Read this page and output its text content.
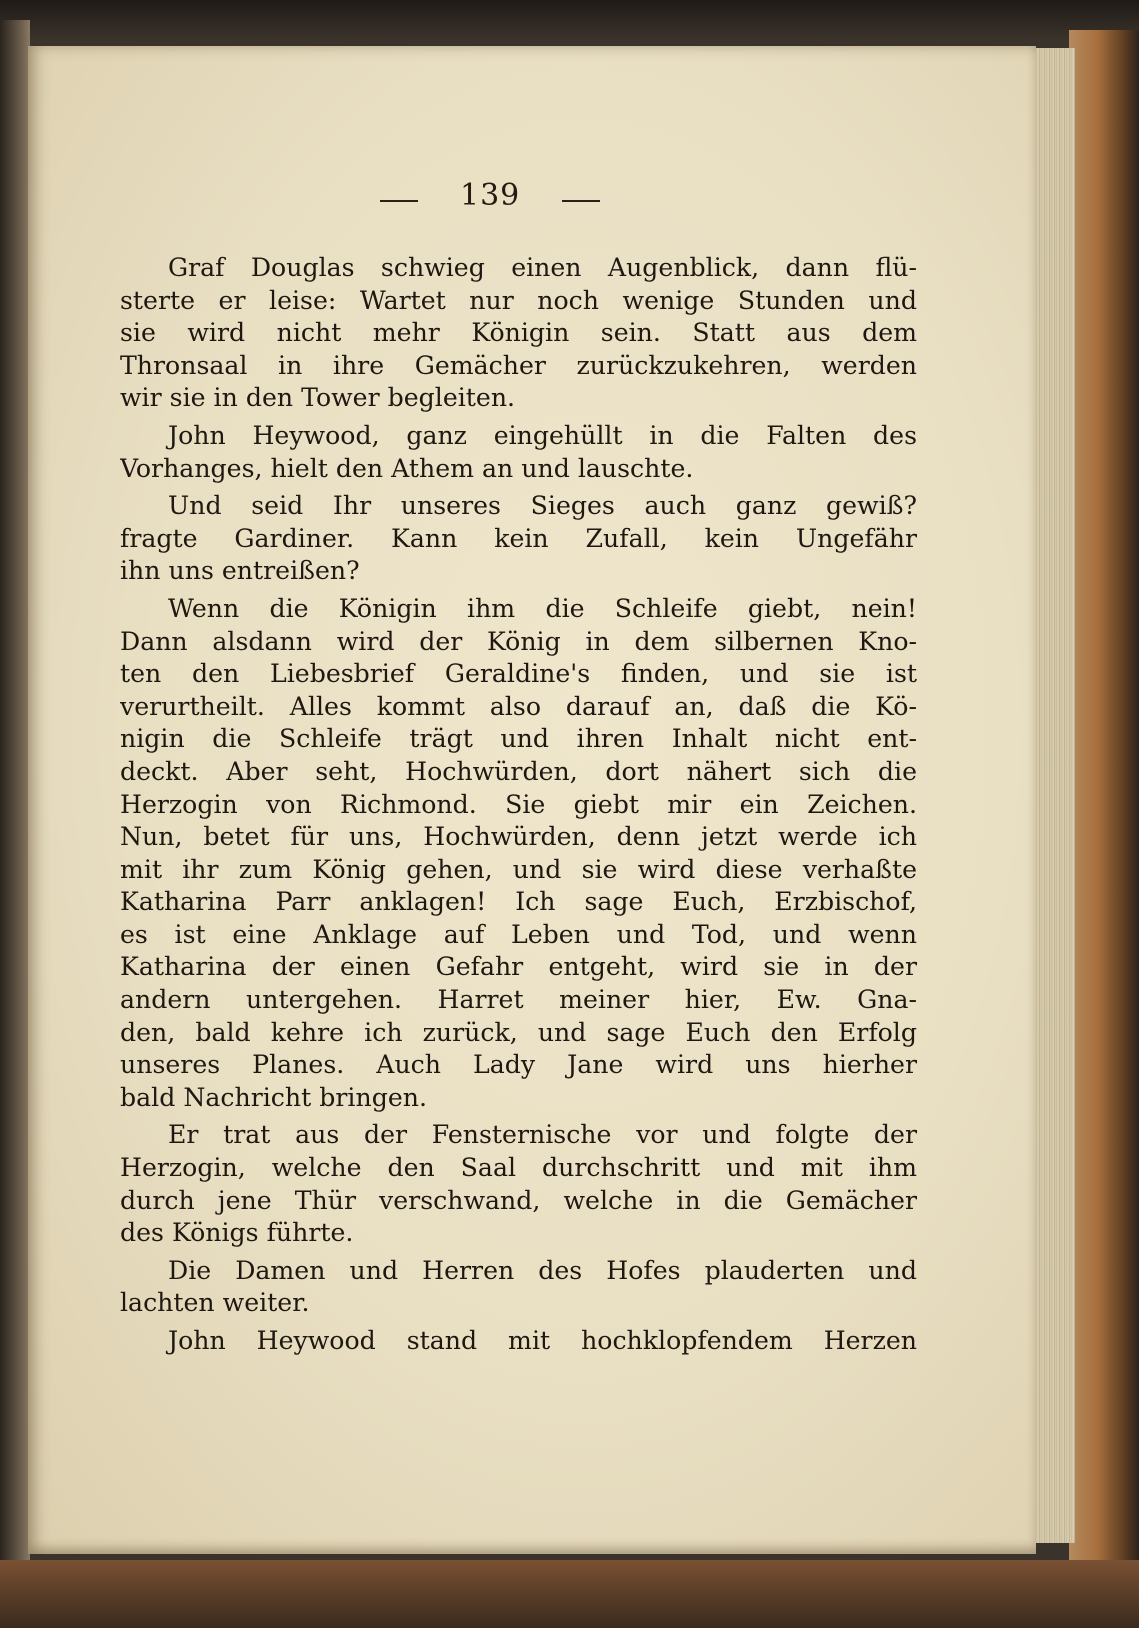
139
Graf Douglas schwieg einen Augenblick, dann flü-
sterte er leise: Wartet nur noch wenige Stunden und
sie wird nicht mehr Königin sein. Statt aus dem
Thronsaal in ihre Gemächer zurückzukehren, werden
wir sie in den Tower begleiten.
John Heywood, ganz eingehüllt in die Falten des
Vorhanges, hielt den Athem an und lauschte.
Und seid Ihr unseres Sieges auch ganz gewiß?
fragte Gardiner. Kann kein Zufall, kein Ungefähr
ihn uns entreißen?
Wenn die Königin ihm die Schleife giebt, nein!
Dann alsdann wird der König in dem silbernen Kno-
ten den Liebesbrief Geraldine's finden, und sie ist
verurtheilt. Alles kommt also darauf an, daß die Kö-
nigin die Schleife trägt und ihren Inhalt nicht ent-
deckt. Aber seht, Hochwürden, dort nähert sich die
Herzogin von Richmond. Sie giebt mir ein Zeichen.
Nun, betet für uns, Hochwürden, denn jetzt werde ich
mit ihr zum König gehen, und sie wird diese verhaßte
Katharina Parr anklagen! Ich sage Euch, Erzbischof,
es ist eine Anklage auf Leben und Tod, und wenn
Katharina der einen Gefahr entgeht, wird sie in der
andern untergehen. Harret meiner hier, Ew. Gna-
den, bald kehre ich zurück, und sage Euch den Erfolg
unseres Planes. Auch Lady Jane wird uns hierher
bald Nachricht bringen.
Er trat aus der Fensternische vor und folgte der
Herzogin, welche den Saal durchschritt und mit ihm
durch jene Thür verschwand, welche in die Gemächer
des Königs führte.
Die Damen und Herren des Hofes plauderten und
lachten weiter.
John Heywood stand mit hochklopfendem Herzen
